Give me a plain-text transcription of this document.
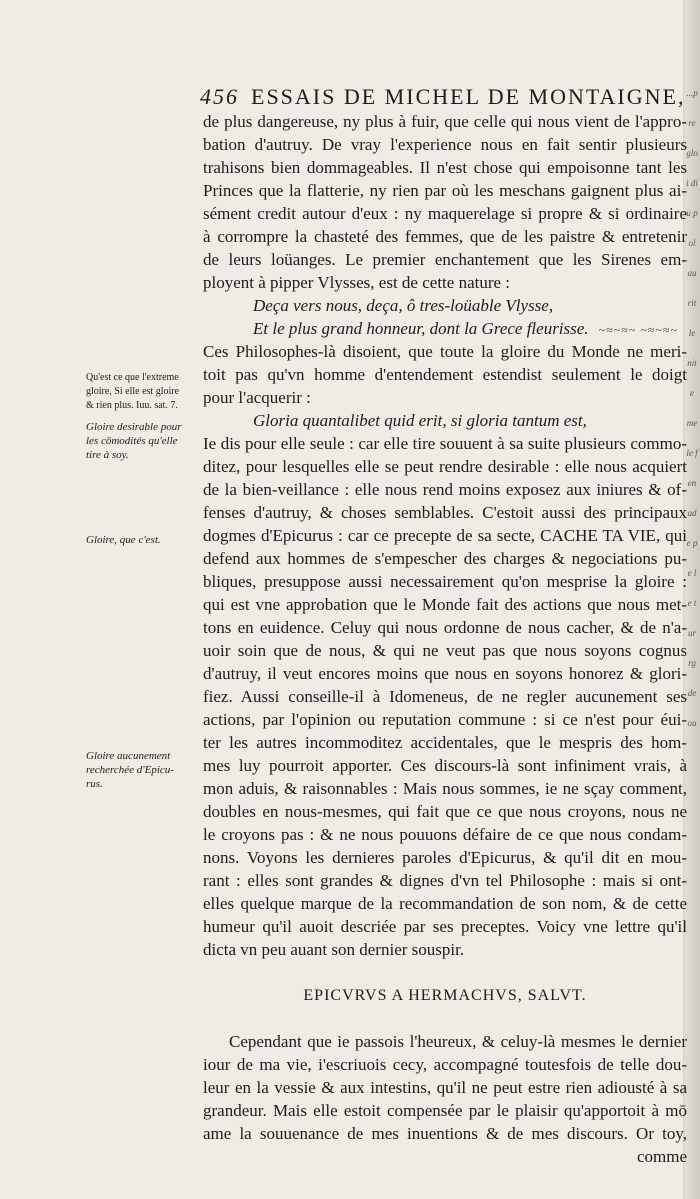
...pre gloi diu pol au rit le nite mele fen ade pe le tur rg de ou
456 ESSAIS DE MICHEL DE MONTAIGNE,
Qu'est ce que l'extreme
gloire, Si elle est gloire
& rien plus. Iuu. sat. 7.
Gloire desirable pour
les cōmodités qu'elle
tire à soy.
Gloire, que c'est.
Gloire aucunement
recherchée d'Epicu-
rus.
de plus dangereuse, ny plus à fuir, que celle qui nous vient de l'appro-
bation d'autruy. De vray l'experience nous en fait sentir plusieurs
trahisons bien dommageables. Il n'est chose qui empoisonne tant les
Princes que la flatterie, ny rien par où les meschans gaignent plus ai-
sément credit autour d'eux : ny maquerelage si propre & si ordinaire
à corrompre la chasteté des femmes, que de les paistre & entretenir
de leurs loüanges. Le premier enchantement que les Sirenes em-
ployent à pipper Vlysses, est de cette nature :
Deça vers nous, deça, ô tres-loüable Vlysse,
Et le plus grand honneur, dont la Grece fleurisse. ~≈~≈~ ~≈~≈~
Ces Philosophes-là disoient, que toute la gloire du Monde ne meri-
toit pas qu'vn homme d'entendement estendist seulement le doigt
pour l'acquerir :
Gloria quantalibet quid erit, si gloria tantum est,
Ie dis pour elle seule : car elle tire souuent à sa suite plusieurs commo-
ditez, pour lesquelles elle se peut rendre desirable : elle nous acquiert
de la bien-veillance : elle nous rend moins exposez aux iniures & of-
fenses d'autruy, & choses semblables. C'estoit aussi des principaux
dogmes d'Epicurus : car ce precepte de sa secte, CACHE TA VIE, qui
defend aux hommes de s'empescher des charges & negociations pu-
bliques, presuppose aussi necessairement qu'on mesprise la gloire :
qui est vne approbation que le Monde fait des actions que nous met-
tons en euidence. Celuy qui nous ordonne de nous cacher, & de n'a-
uoir soin que de nous, & qui ne veut pas que nous soyons cognus
d'autruy, il veut encores moins que nous en soyons honorez & glori-
fiez. Aussi conseille-il à Idomeneus, de ne regler aucunement ses
actions, par l'opinion ou reputation commune : si ce n'est pour éui-
ter les autres incommoditez accidentales, que le mespris des hom-
mes luy pourroit apporter. Ces discours-là sont infiniment vrais, à
mon aduis, & raisonnables : Mais nous sommes, ie ne sçay comment,
doubles en nous-mesmes, qui fait que ce que nous croyons, nous ne
le croyons pas : & ne nous pouuons défaire de ce que nous condam-
nons. Voyons les dernieres paroles d'Epicurus, & qu'il dit en mou-
rant : elles sont grandes & dignes d'vn tel Philosophe : mais si ont-
elles quelque marque de la recommandation de son nom, & de cette
humeur qu'il auoit descriée par ses preceptes. Voicy vne lettre qu'il
dicta vn peu auant son dernier souspir.
EPICVRVS A HERMACHVS, SALVT.
Cependant que ie passois l'heureux, & celuy-là mesmes le dernier
iour de ma vie, i'escriuois cecy, accompagné toutesfois de telle dou-
leur en la vessie & aux intestins, qu'il ne peut estre rien adiousté à sa
grandeur. Mais elle estoit compensée par le plaisir qu'apportoit à mō
ame la souuenance de mes inuentions & de mes discours. Or toy,
comme
